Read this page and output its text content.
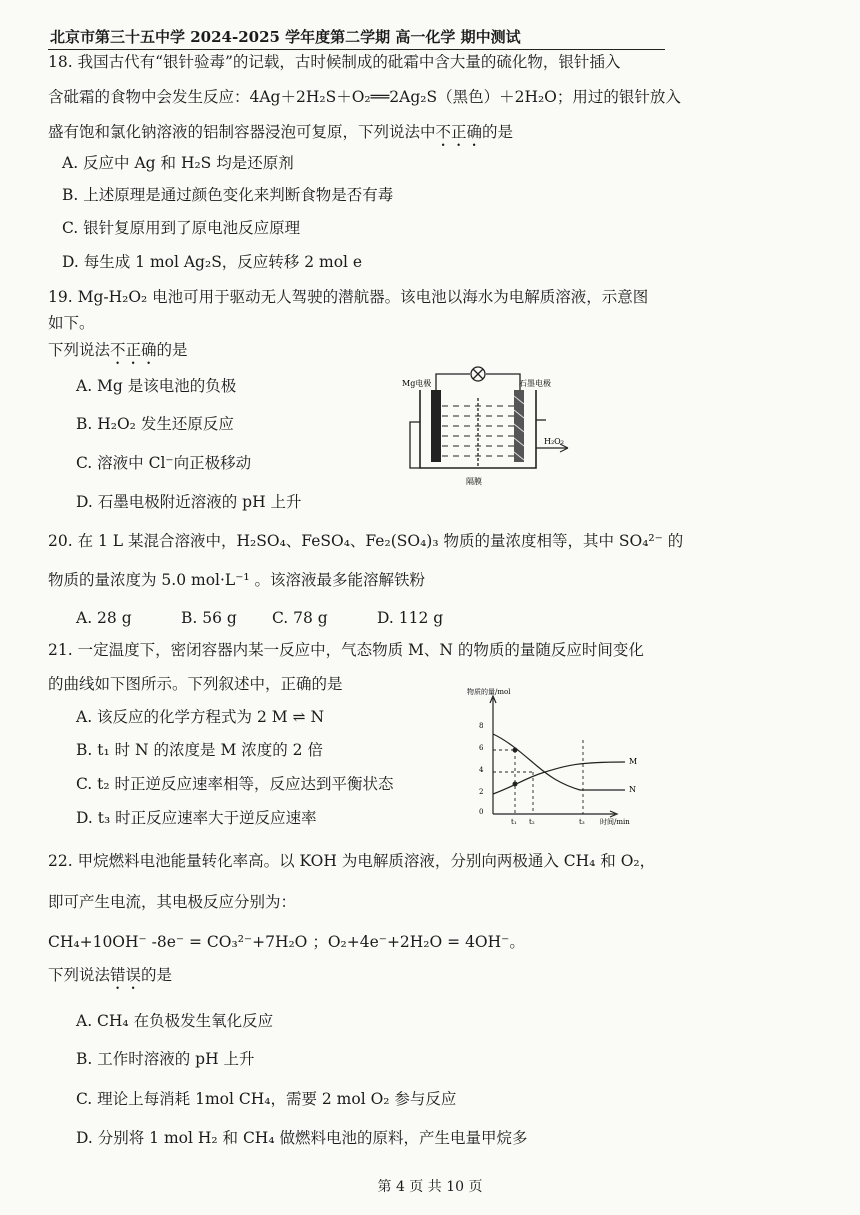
北京市第三十五中学 2024-2025 学年度第二学期 高一化学 期中测试
18. 我国古代有“银针验毒”的记载，古时候制成的砒霜中含大量的硫化物，银针插入
含砒霜的食物中会发生反应：4Ag＋2H₂S＋O₂══2Ag₂S（黑色）＋2H₂O；用过的银针放入
盛有饱和氯化钠溶液的铝制容器浸泡可复原，下列说法中不正确的是
A. 反应中 Ag 和 H₂S 均是还原剂
B. 上述原理是通过颜色变化来判断食物是否有毒
C. 银针复原用到了原电池反应原理
D. 每生成 1 mol Ag₂S，反应转移 2 mol e
19. Mg-H₂O₂ 电池可用于驱动无人驾驶的潜航器。该电池以海水为电解质溶液，示意图
如下。
下列说法不正确的是
A. Mg 是该电池的负极
B. H₂O₂ 发生还原反应
C. 溶液中 Cl⁻向正极移动
D. 石墨电极附近溶液的 pH 上升
Mg电极	石墨电极
H₂O₂
隔膜
20. 在 1 L 某混合溶液中，H₂SO₄、FeSO₄、Fe₂(SO₄)₃ 物质的量浓度相等，其中 SO₄²⁻ 的
物质的量浓度为 5.0 mol·L⁻¹ 。该溶液最多能溶解铁粉
A. 28 g	B. 56 g C. 78 g	D. 112 g
21. 一定温度下，密闭容器内某一反应中，气态物质 M、N 的物质的量随反应时间变化
的曲线如下图所示。下列叙述中，正确的是
A. 该反应的化学方程式为 2 M ⇌ N
B. t₁ 时 N 的浓度是 M 浓度的 2 倍
C. t₂ 时正逆反应速率相等，反应达到平衡状态
D. t₃ 时正反应速率大于逆反应速率
物质的量/mol
8
6
4
2
0
t₁ t₂	t₃ 时间/min
M
N
22. 甲烷燃料电池能量转化率高。以 KOH 为电解质溶液，分别向两极通入 CH₄ 和 O₂，
即可产生电流，其电极反应分别为：
CH₄+10OH⁻ -8e⁻ = CO₃²⁻+7H₂O ；O₂+4e⁻+2H₂O = 4OH⁻。
下列说法错误的是
A. CH₄ 在负极发生氧化反应
B. 工作时溶液的 pH 上升
C. 理论上每消耗 1mol CH₄，需要 2 mol O₂ 参与反应
D. 分别将 1 mol H₂ 和 CH₄ 做燃料电池的原料，产生电量甲烷多
第 4 页 共 10 页
